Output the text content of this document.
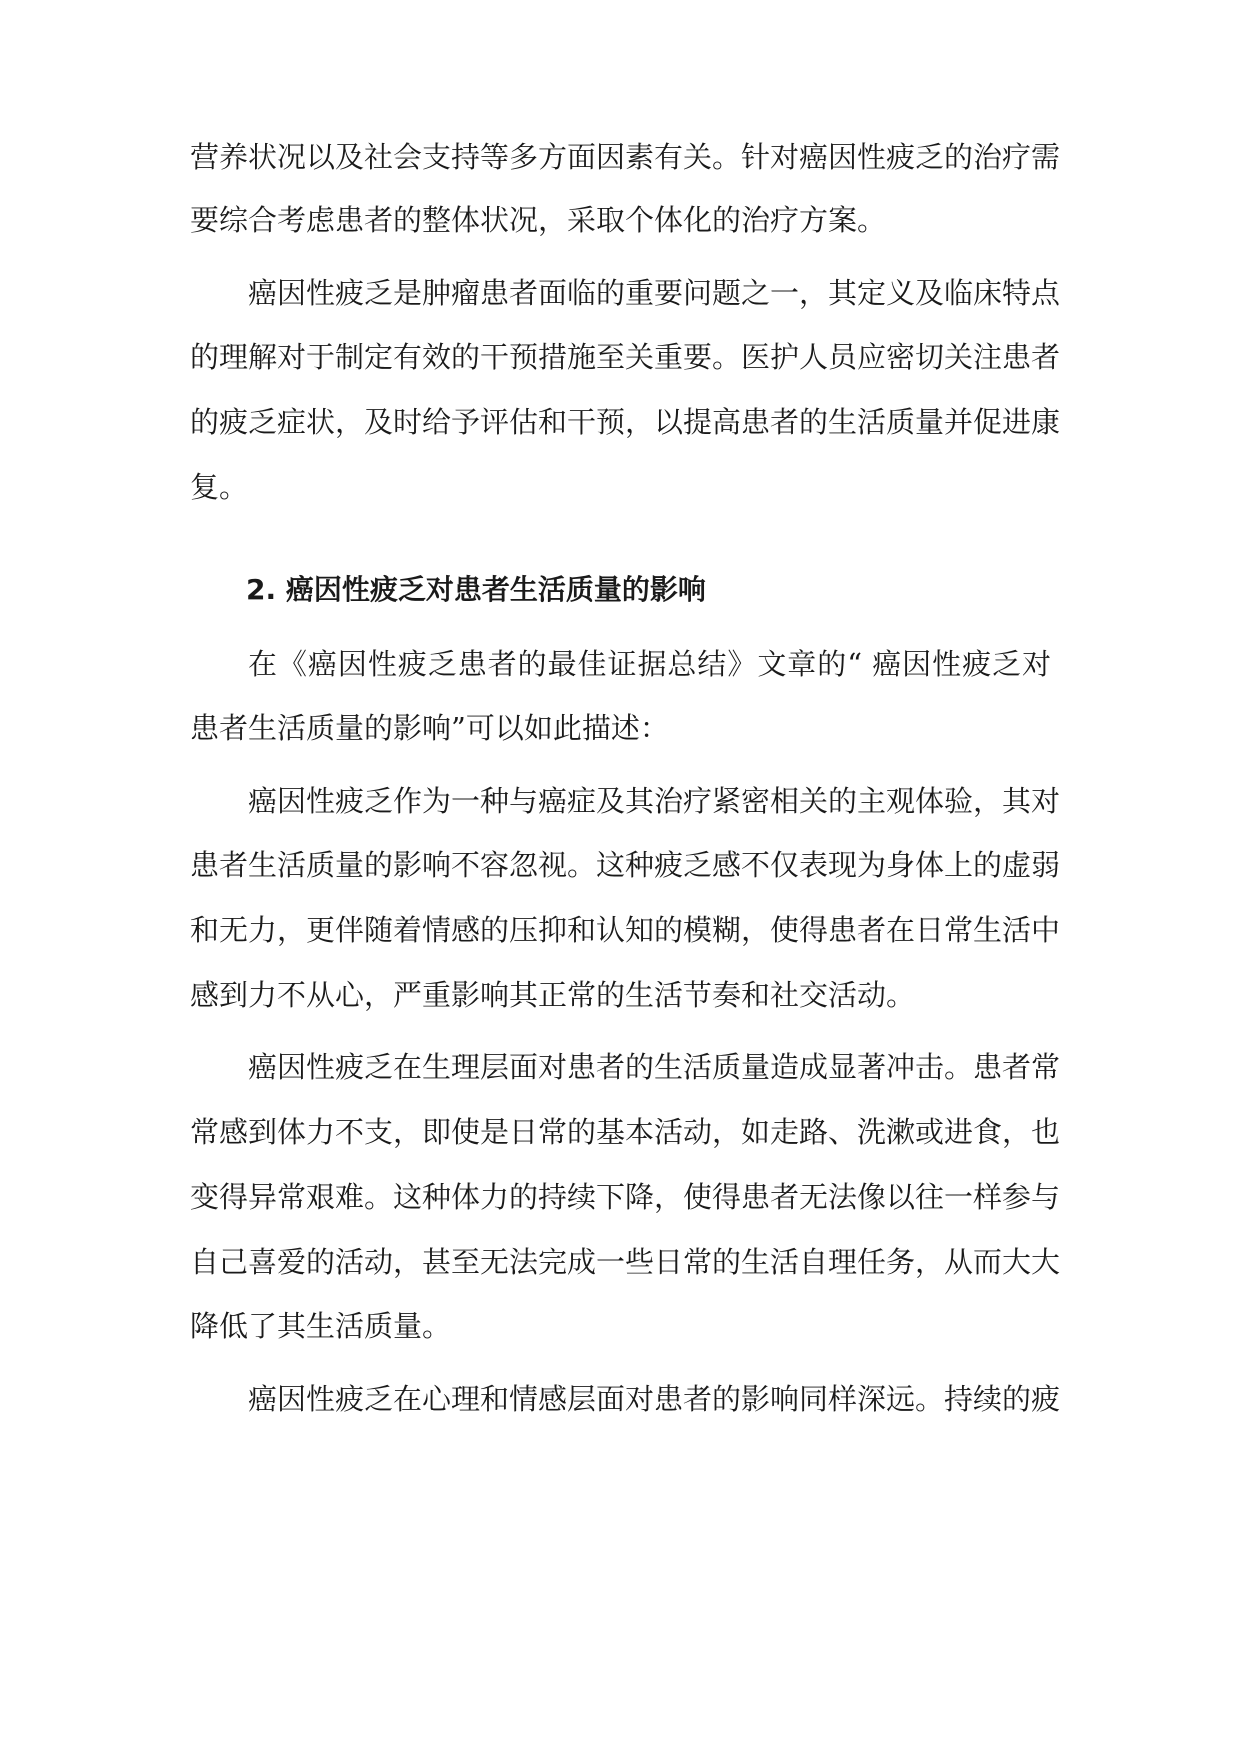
营养状况以及社会支持等多方面因素有关。针对癌因性疲乏的治疗需
要综合考虑患者的整体状况，采取个体化的治疗方案。
癌因性疲乏是肿瘤患者面临的重要问题之一，其定义及临床特点
的理解对于制定有效的干预措施至关重要。医护人员应密切关注患者
的疲乏症状，及时给予评估和干预，以提高患者的生活质量并促进康
复。
2. 癌因性疲乏对患者生活质量的影响
在《癌因性疲乏患者的最佳证据总结》文章的“ 癌因性疲乏对
患者生活质量的影响”可以如此描述：
癌因性疲乏作为一种与癌症及其治疗紧密相关的主观体验，其对
患者生活质量的影响不容忽视。这种疲乏感不仅表现为身体上的虚弱
和无力，更伴随着情感的压抑和认知的模糊，使得患者在日常生活中
感到力不从心，严重影响其正常的生活节奏和社交活动。
癌因性疲乏在生理层面对患者的生活质量造成显著冲击。患者常
常感到体力不支，即使是日常的基本活动，如走路、洗漱或进食，也
变得异常艰难。这种体力的持续下降，使得患者无法像以往一样参与
自己喜爱的活动，甚至无法完成一些日常的生活自理任务，从而大大
降低了其生活质量。
癌因性疲乏在心理和情感层面对患者的影响同样深远。持续的疲
